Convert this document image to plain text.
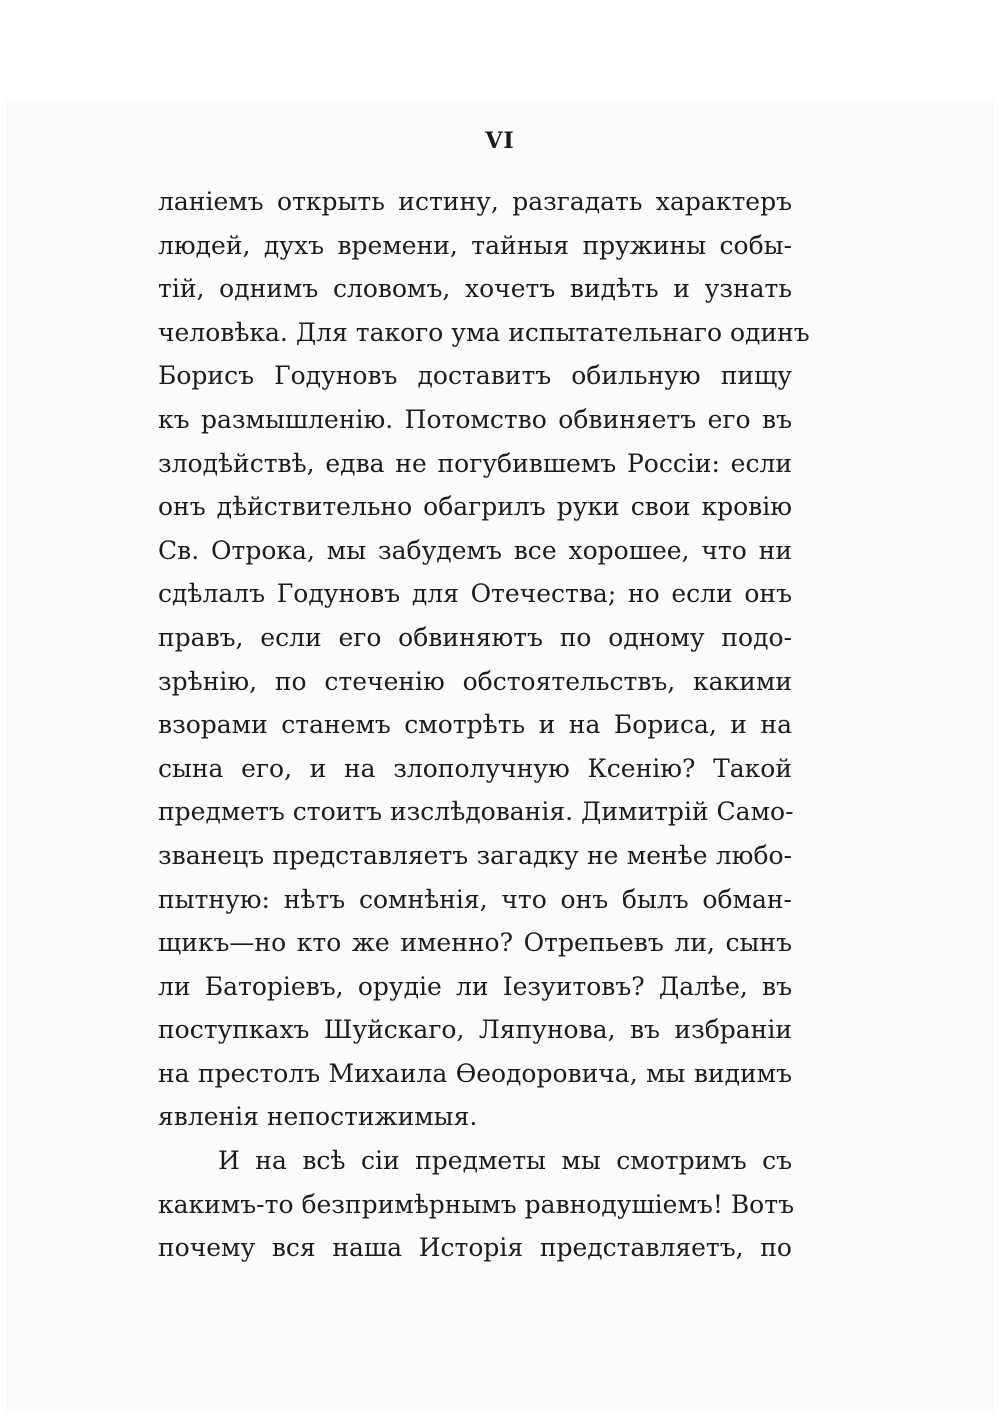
VI
ланіемъ открыть истину, разгадать характеръ
людей, духъ времени, тайныя пружины собы-
тій, однимъ словомъ, хочетъ видѣть и узнать
человѣка. Для такого ума испытательнаго одинъ
Борисъ Годуновъ доставитъ обильную пищу
къ размышленію. Потомство обвиняетъ его въ
злодѣйствѣ, едва не погубившемъ Россіи: если
онъ дѣйствительно обагрилъ руки свои кровію
Св. Отрока, мы забудемъ все хорошее, что ни
сдѣлалъ Годуновъ для Отечества; но если онъ
правъ, если его обвиняютъ по одному подо-
зрѣнію, по стеченію обстоятельствъ, какими
взорами станемъ смотрѣть и на Бориса, и на
сына его, и на злополучную Ксенію? Такой
предметъ стоитъ изслѣдованія. Димитрій Само-
званецъ представляетъ загадку не менѣе любо-
пытную: нѣтъ сомнѣнія, что онъ былъ обман-
щикъ—но кто же именно? Отрепьевъ ли, сынъ
ли Баторіевъ, орудіе ли Іезуитовъ? Далѣе, въ
поступкахъ Шуйскаго, Ляпунова, въ избраніи
на престолъ Михаила Ѳеодоровича, мы видимъ
явленія непостижимыя.
И на всѣ сіи предметы мы смотримъ съ
какимъ-то безпримѣрнымъ равнодушіемъ! Вотъ
почему вся наша Исторія представляетъ, по
